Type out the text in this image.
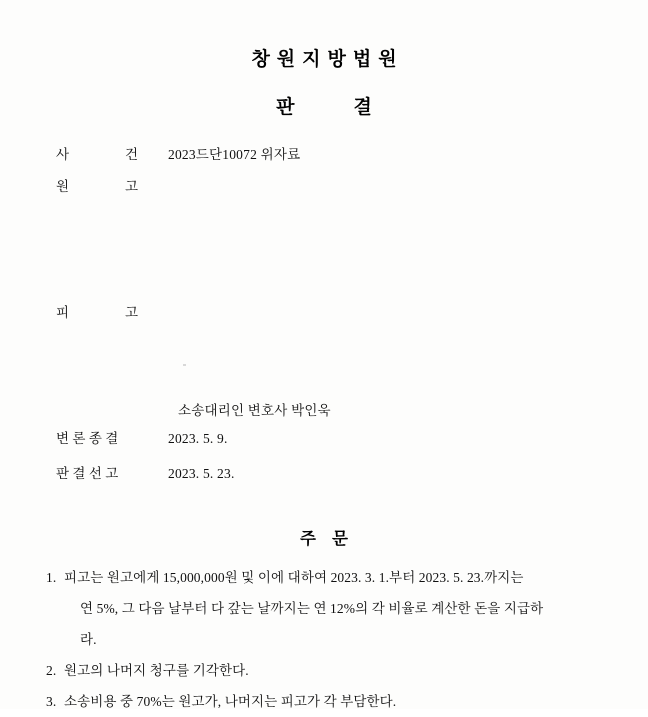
창원지방법원
판	결
사	건 2023드단10072 위자료
원	고
피	고
소송대리인 변호사 박인욱
변 론 종 결	2023. 5. 9.
판 결 선 고	2023. 5. 23.
주 문
1. 피고는 원고에게 15,000,000원 및 이에 대하여 2023. 3. 1.부터 2023. 5. 23.까지는
연 5%, 그 다음 날부터 다 갚는 날까지는 연 12%의 각 비율로 계산한 돈을 지급하
라.
2. 원고의 나머지 청구를 기각한다.
3. 소송비용 중 70%는 원고가, 나머지는 피고가 각 부담한다.
